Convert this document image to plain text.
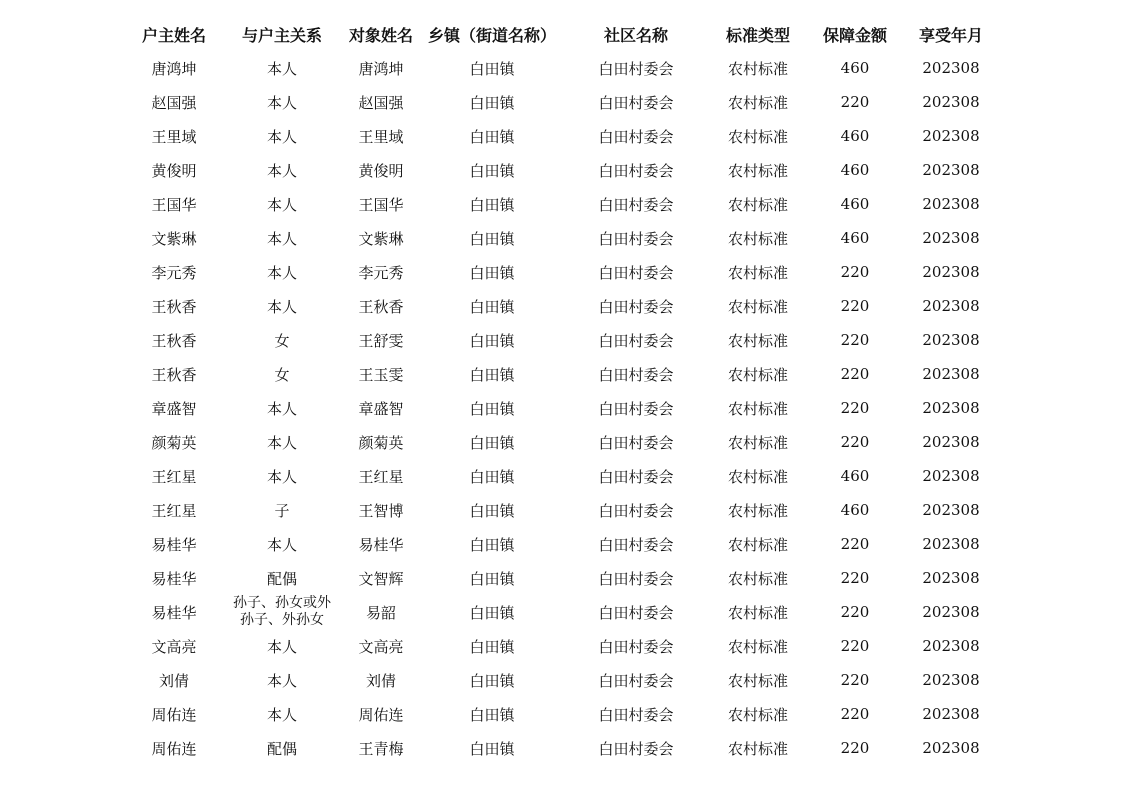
户主姓名	与户主关系	对象姓名	乡镇（街道名称）	社区名称	标准类型	保障金额	享受年月
唐鸿坤	本人	唐鸿坤	白田镇	白田村委会	农村标准	460	202308
赵国强	本人	赵国强	白田镇	白田村委会	农村标准	220	202308
王里域	本人	王里域	白田镇	白田村委会	农村标准	460	202308
黄俊明	本人	黄俊明	白田镇	白田村委会	农村标准	460	202308
王国华	本人	王国华	白田镇	白田村委会	农村标准	460	202308
文紫琳	本人	文紫琳	白田镇	白田村委会	农村标准	460	202308
李元秀	本人	李元秀	白田镇	白田村委会	农村标准	220	202308
王秋香	本人	王秋香	白田镇	白田村委会	农村标准	220	202308
王秋香	女	王舒雯	白田镇	白田村委会	农村标准	220	202308
王秋香	女	王玉雯	白田镇	白田村委会	农村标准	220	202308
章盛智	本人	章盛智	白田镇	白田村委会	农村标准	220	202308
颜菊英	本人	颜菊英	白田镇	白田村委会	农村标准	220	202308
王红星	本人	王红星	白田镇	白田村委会	农村标准	460	202308
王红星	子	王智博	白田镇	白田村委会	农村标准	460	202308
易桂华	本人	易桂华	白田镇	白田村委会	农村标准	220	202308
易桂华	配偶	文智辉	白田镇	白田村委会	农村标准	220	202308
易桂华	孙子、孙女或外孙子、外孙女	易韶	白田镇	白田村委会	农村标准	220	202308
文高亮	本人	文高亮	白田镇	白田村委会	农村标准	220	202308
刘倩	本人	刘倩	白田镇	白田村委会	农村标准	220	202308
周佑连	本人	周佑连	白田镇	白田村委会	农村标准	220	202308
周佑连	配偶	王青梅	白田镇	白田村委会	农村标准	220	202308
